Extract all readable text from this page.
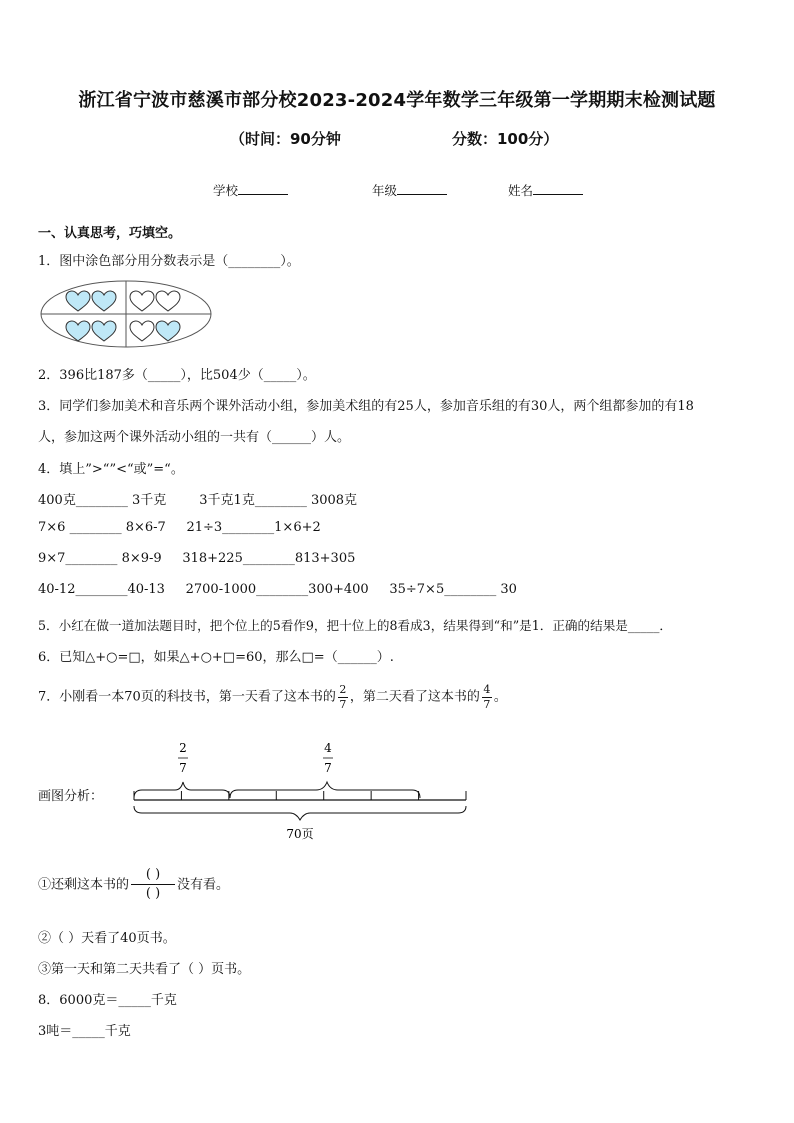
浙江省宁波市慈溪市部分校2023-2024学年数学三年级第一学期期末检测试题
（时间：90分钟	分数：100分）
学校	年级	姓名
一、认真思考，巧填空。
1．图中涂色部分用分数表示是（________）。
2．396比187多（_____），比504少（_____）。
3．同学们参加美术和音乐两个课外活动小组，参加美术组的有25人，参加音乐组的有30人，两个组都参加的有18
人，参加这两个课外活动小组的一共有（______）人。
4．填上”>“”<“或”=“。
400克________ 3千克        3千克1克________ 3008克
7×6 ________ 8×6-7     21÷3________1×6+2
9×7________ 8×9-9     318+225________813+305
40-12________40-13     2700-1000________300+400     35÷7×5________ 30
5．小红在做一道加法题目时，把个位上的5看作9，把十位上的8看成3，结果得到“和”是1．正确的结果是_____．
6．已知△+○=□，如果△+○+□=60，那么□=（______）.
7．小刚看一本70页的科技书，第一天看了这本书的 $\frac{2}{7}$ ，第二天看了这本书的 $\frac{4}{7}$ 。
画图分析：
2
7
4
7
70页
①还剩这本书的 $\frac{( )}{( )}$ 没有看。
②（ ）天看了40页书。
③第一天和第二天共看了（ ）页书。
8．6000克＝_____千克
3吨＝_____千克
